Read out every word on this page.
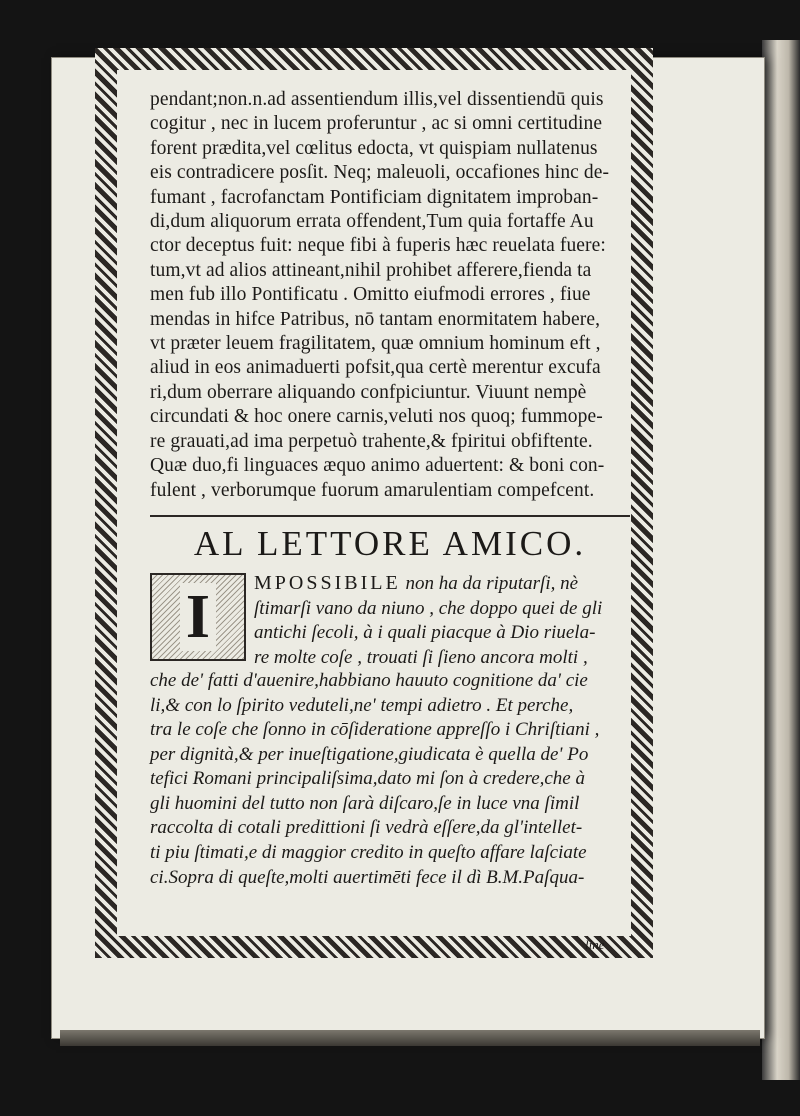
pendant;non.n.ad assentiendum illis,vel dissentiendū quis
cogitur , nec in lucem proferuntur , ac si omni certitudine
forent prædita,vel cœlitus edocta, vt quispiam nullatenus
eis contradicere posſit. Neq; maleuoli, occafiones hinc de-
fumant , facrofanctam Pontificiam dignitatem improban-
di,dum aliquorum errata offendent,Tum quia fortaffe Au
ctor deceptus fuit: neque fibi à fuperis hæc reuelata fuere:
tum,vt ad alios attineant,nihil prohibet afferere,fienda ta
men fub illo Pontificatu . Omitto eiufmodi errores , fiue
mendas in hifce Patribus, nō tantam enormitatem habere,
vt præter leuem fragilitatem, quæ omnium hominum eft ,
aliud in eos animaduerti pofsit,qua certè merentur excufa
ri,dum oberrare aliquando confpiciuntur. Viuunt nempè
circundati & hoc onere carnis,veluti nos quoq; fummope-
re grauati,ad ima perpetuò trahente,& fpiritui obfiftente.
Quæ duo,fi linguaces æquo animo aduertent: & boni con-
fulent , verborumque fuorum amarulentiam compefcent.
AL LETTORE AMICO.
I	MPOSSIBILE non ha da riputarſi, nè
ſtimarſi vano da niuno , che doppo quei de gli
antichi ſecoli, à i quali piacque à Dio riuela-
re molte coſe , trouati ſi ſieno ancora molti ,
che de' fatti d'auenire,habbiano hauuto cognitione da' cie
li,& con lo ſpirito veduteli,ne' tempi adietro . Et perche,
tra le coſe che ſonno in cōſideratione appreſſo i Chriſtiani ,
per dignità,& per inueſtigatione,giudicata è quella de' Po
tefici Romani principaliſsima,dato mi ſon à credere,che à
gli huomini del tutto non ſarà diſcaro,ſe in luce vna ſimil
raccolta di cotali predittioni ſi vedrà eſſere,da gl'intellet-
ti piu ſtimati,e di maggior credito in queſto affare laſciate
ci.Sopra di queſte,molti auertimēti fece il dì B.M.Paſqua-
line
